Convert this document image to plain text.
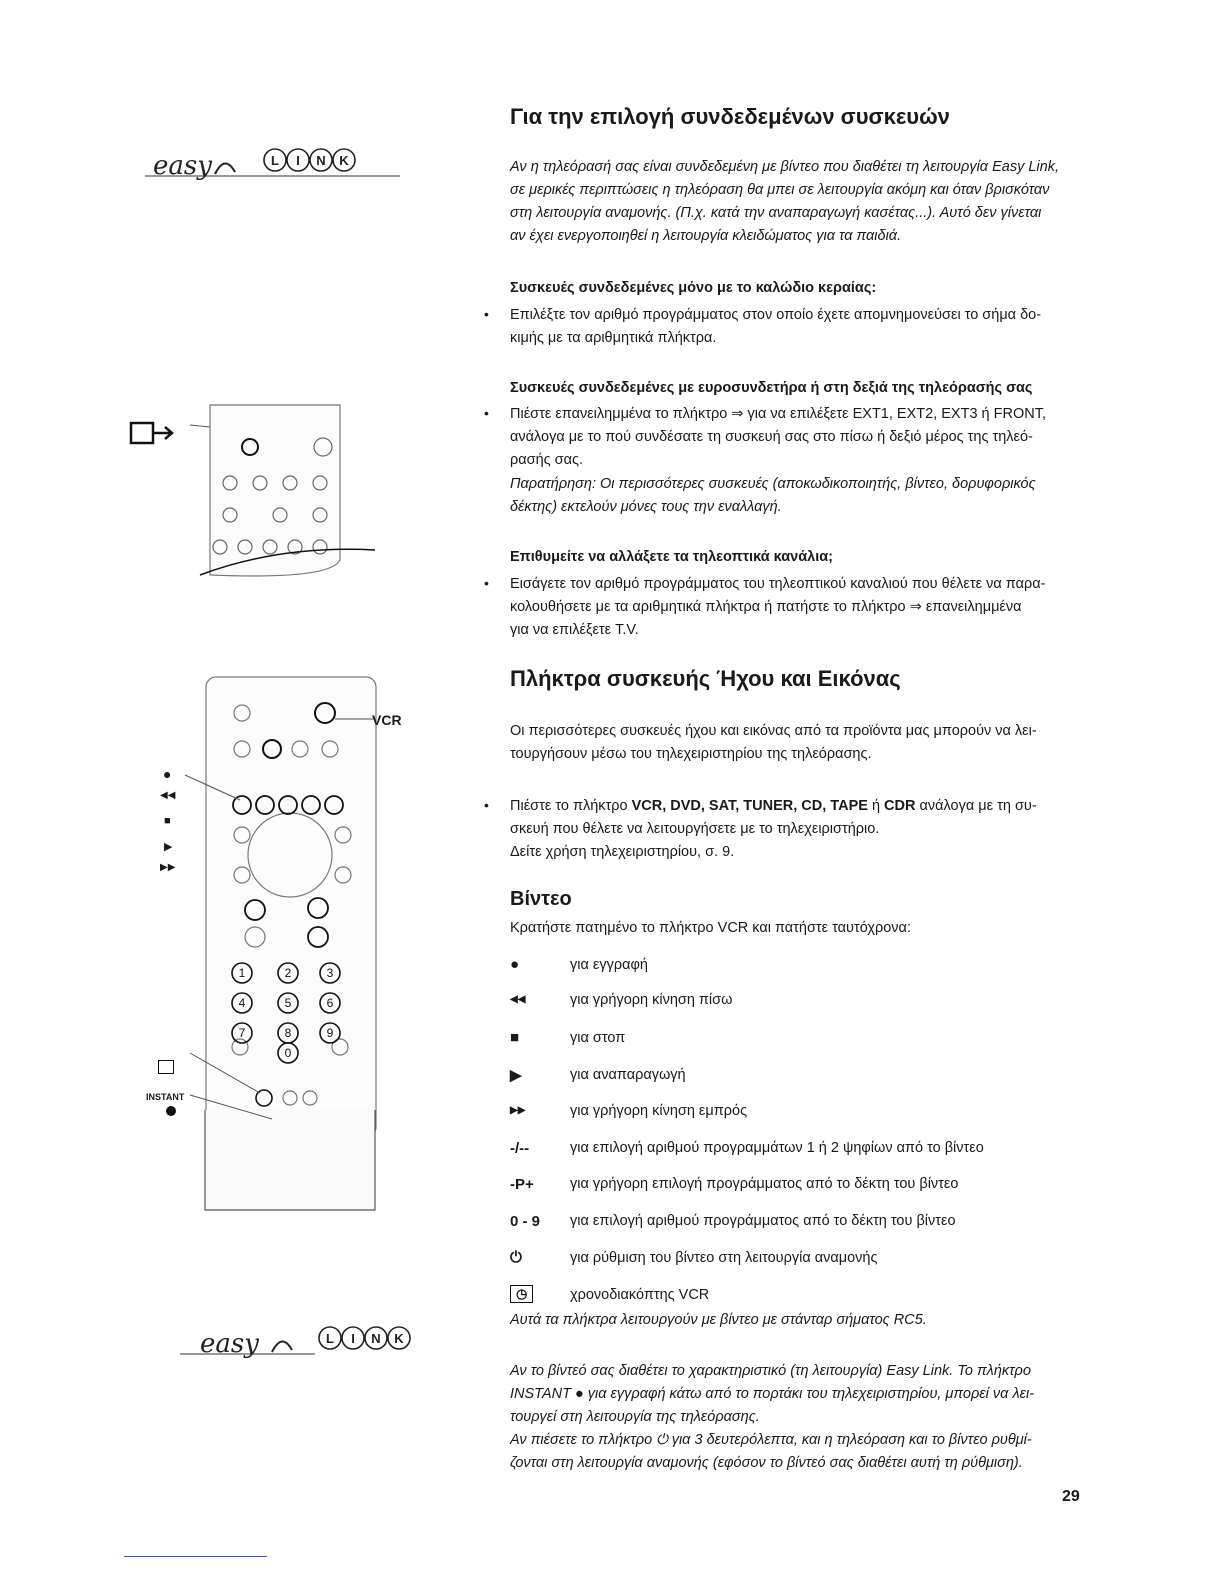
easy	L I N K
1	2	3
4	5	6
7	8	9
0
VCR
●
◀◀
■
▶
▶▶
INSTANT
easy	L I N K
Για την επιλογή συνδεδεμένων συσκευών
Αν η τηλεόρασή σας είναι συνδεδεμένη με βίντεο που διαθέτει τη λειτουργία Easy Link,
σε μερικές περιπτώσεις η τηλεόραση θα μπει σε λειτουργία ακόμη και όταν βρισκόταν
στη λειτουργία αναμονής. (Π.χ. κατά την αναπαραγωγή κασέτας...). Αυτό δεν γίνεται
αν έχει ενεργοποιηθεί η λειτουργία κλειδώματος για τα παιδιά.
Συσκευές συνδεδεμένες μόνο με το καλώδιο κεραίας:
• Επιλέξτε τον αριθμό προγράμματος στον οποίο έχετε απομνημονεύσει το σήμα δο-
κιμής με τα αριθμητικά πλήκτρα.
Συσκευές συνδεδεμένες με ευροσυνδετήρα ή στη δεξιά της τηλεόρασής σας
• Πιέστε επανειλημμένα το πλήκτρο ⇒ για να επιλέξετε EXT1, EXT2, EXT3 ή FRONT,
ανάλογα με το πού συνδέσατε τη συσκευή σας στο πίσω ή δεξιό μέρος της τηλεό-
ρασής σας.
Παρατήρηση: Οι περισσότερες συσκευές (αποκωδικοποιητής, βίντεο, δορυφορικός
δέκτης) εκτελούν μόνες τους την εναλλαγή.
Επιθυμείτε να αλλάξετε τα τηλεοπτικά κανάλια;
• Εισάγετε τον αριθμό προγράμματος του τηλεοπτικού καναλιού που θέλετε να παρα-
κολουθήσετε με τα αριθμητικά πλήκτρα ή πατήστε το πλήκτρο ⇒ επανειλημμένα
για να επιλέξετε T.V.
Πλήκτρα συσκευής Ήχου και Εικόνας
Οι περισσότερες συσκευές ήχου και εικόνας από τα προϊόντα μας μπορούν να λει-
τουργήσουν μέσω του τηλεχειριστηρίου της τηλεόρασης.
• Πιέστε το πλήκτρο VCR, DVD, SAT, TUNER, CD, TAPE ή CDR ανάλογα με τη συ-
σκευή που θέλετε να λειτουργήσετε με το τηλεχειριστήριο.
Δείτε χρήση τηλεχειριστηρίου, σ. 9.
Βίντεο
Κρατήστε πατημένο το πλήκτρο VCR και πατήστε ταυτόχρονα:
●	για εγγραφή
◀◀	για γρήγορη κίνηση πίσω
■	για στοπ
▶	για αναπαραγωγή
▶▶	για γρήγορη κίνηση εμπρός
-/--	για επιλογή αριθμού προγραμμάτων 1 ή 2 ψηφίων από το βίντεο
-P+ για γρήγορη επιλογή προγράμματος από το δέκτη του βίντεο
0 - 9 για επιλογή αριθμού προγράμματος από το δέκτη του βίντεο
⏻	για ρύθμιση του βίντεο στη λειτουργία αναμονής
◷	χρονοδιακόπτης VCR
Αυτά τα πλήκτρα λειτουργούν με βίντεο με στάνταρ σήματος RC5.
Αν το βίντεό σας διαθέτει το χαρακτηριστικό (τη λειτουργία) Easy Link. Το πλήκτρο
INSTANT ● για εγγραφή κάτω από το πορτάκι του τηλεχειριστηρίου, μπορεί να λει-
τουργεί στη λειτουργία της τηλεόρασης.
Αν πιέσετε το πλήκτρο ⏻ για 3 δευτερόλεπτα, και η τηλεόραση και το βίντεο ρυθμί-
ζονται στη λειτουργία αναμονής (εφόσον το βίντεό σας διαθέτει αυτή τη ρύθμιση).
29
